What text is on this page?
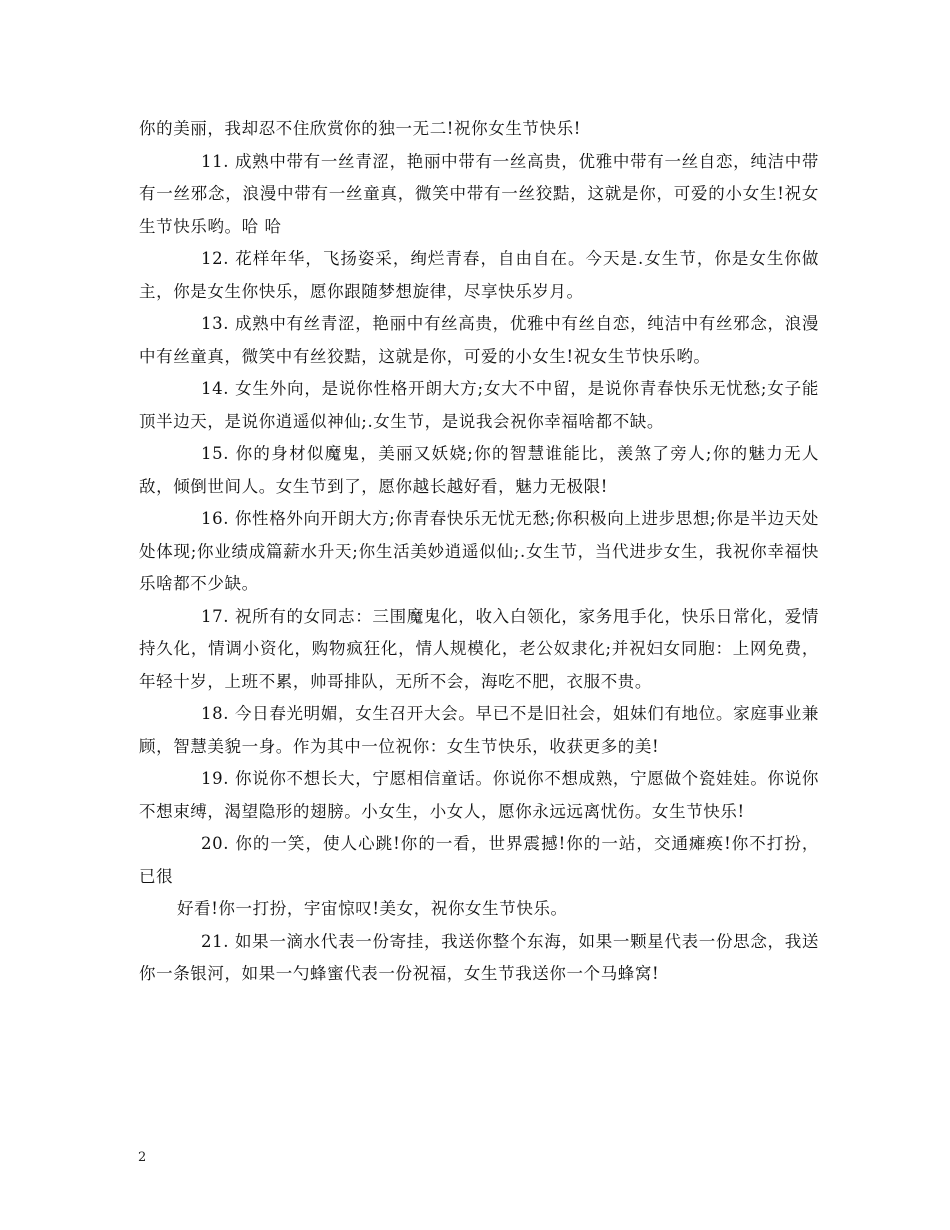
你的美丽，我却忍不住欣赏你的独一无二!祝你女生节快乐!

11. 成熟中带有一丝青涩，艳丽中带有一丝高贵，优雅中带有一丝自恋，纯洁中带有一丝邪念，浪漫中带有一丝童真，微笑中带有一丝狡黠，这就是你，可爱的小女生!祝女生节快乐哟。哈 哈

12. 花样年华，飞扬姿采，绚烂青春，自由自在。今天是.女生节，你是女生你做主，你是女生你快乐，愿你跟随梦想旋律，尽享快乐岁月。

13. 成熟中有丝青涩，艳丽中有丝高贵，优雅中有丝自恋，纯洁中有丝邪念，浪漫中有丝童真，微笑中有丝狡黠，这就是你，可爱的小女生!祝女生节快乐哟。

14. 女生外向，是说你性格开朗大方;女大不中留，是说你青春快乐无忧愁;女子能顶半边天，是说你逍遥似神仙;.女生节，是说我会祝你幸福啥都不缺。

15. 你的身材似魔鬼，美丽又妖娆;你的智慧谁能比，羡煞了旁人;你的魅力无人敌，倾倒世间人。女生节到了，愿你越长越好看，魅力无极限!

16. 你性格外向开朗大方;你青春快乐无忧无愁;你积极向上进步思想;你是半边天处处体现;你业绩成篇薪水升天;你生活美妙逍遥似仙;.女生节，当代进步女生，我祝你幸福快乐啥都不少缺。

17. 祝所有的女同志：三围魔鬼化，收入白领化，家务甩手化，快乐日常化，爱情持久化，情调小资化，购物疯狂化，情人规模化，老公奴隶化;并祝妇女同胞：上网免费，年轻十岁，上班不累，帅哥排队，无所不会，海吃不肥，衣服不贵。

18. 今日春光明媚，女生召开大会。早已不是旧社会，姐妹们有地位。家庭事业兼顾，智慧美貌一身。作为其中一位祝你：女生节快乐，收获更多的美!

19. 你说你不想长大，宁愿相信童话。你说你不想成熟，宁愿做个瓷娃娃。你说你不想束缚，渴望隐形的翅膀。小女生，小女人，愿你永远远离忧伤。女生节快乐!

20. 你的一笑，使人心跳!你的一看，世界震撼!你的一站，交通瘫痪!你不打扮，已很

好看!你一打扮，宇宙惊叹!美女，祝你女生节快乐。

21. 如果一滴水代表一份寄挂，我送你整个东海，如果一颗星代表一份思念，我送你一条银河，如果一勺蜂蜜代表一份祝福，女生节我送你一个马蜂窝!

2
